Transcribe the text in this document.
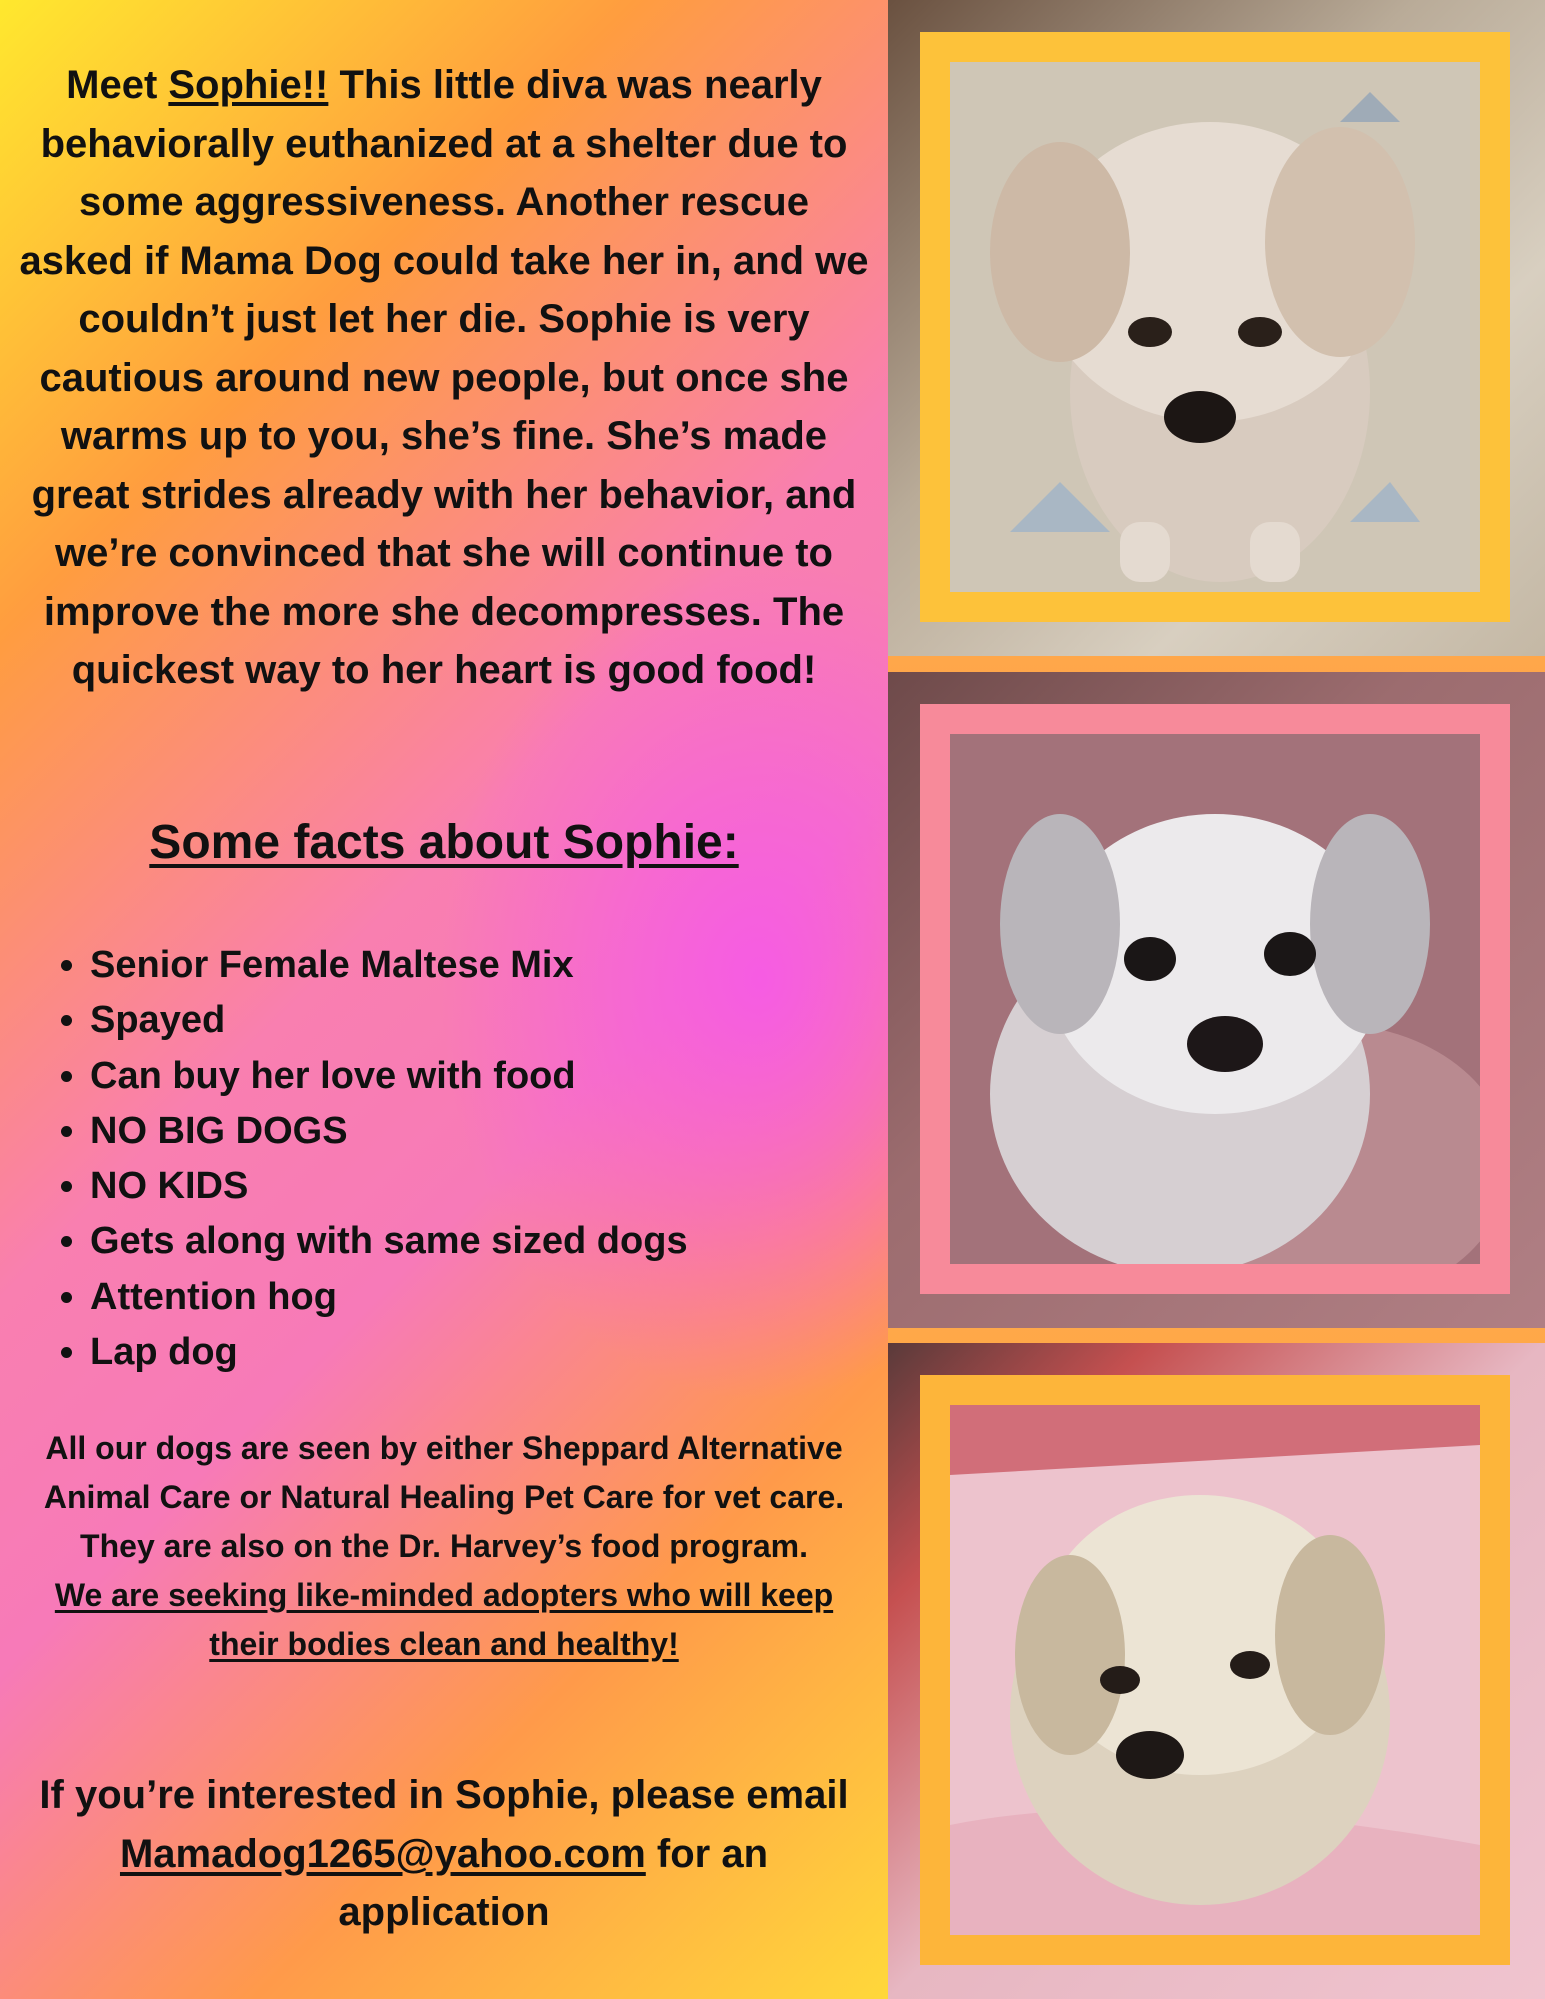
Meet Sophie!! This little diva was nearly behaviorally euthanized at a shelter due to some aggressiveness. Another rescue asked if Mama Dog could take her in, and we couldn’t just let her die. Sophie is very cautious around new people, but once she warms up to you, she’s fine. She’s made great strides already with her behavior, and we’re convinced that she will continue to improve the more she decompresses. The quickest way to her heart is good food!
Some facts about Sophie:
• Senior Female Maltese Mix
• Spayed
• Can buy her love with food
• NO BIG DOGS
• NO KIDS
• Gets along with same sized dogs
• Attention hog
• Lap dog
All our dogs are seen by either Sheppard Alternative Animal Care or Natural Healing Pet Care for vet care. They are also on the Dr. Harvey’s food program.
We are seeking like-minded adopters who will keep their bodies clean and healthy!
If you’re interested in Sophie, please email Mamadog1265@yahoo.com for an application
